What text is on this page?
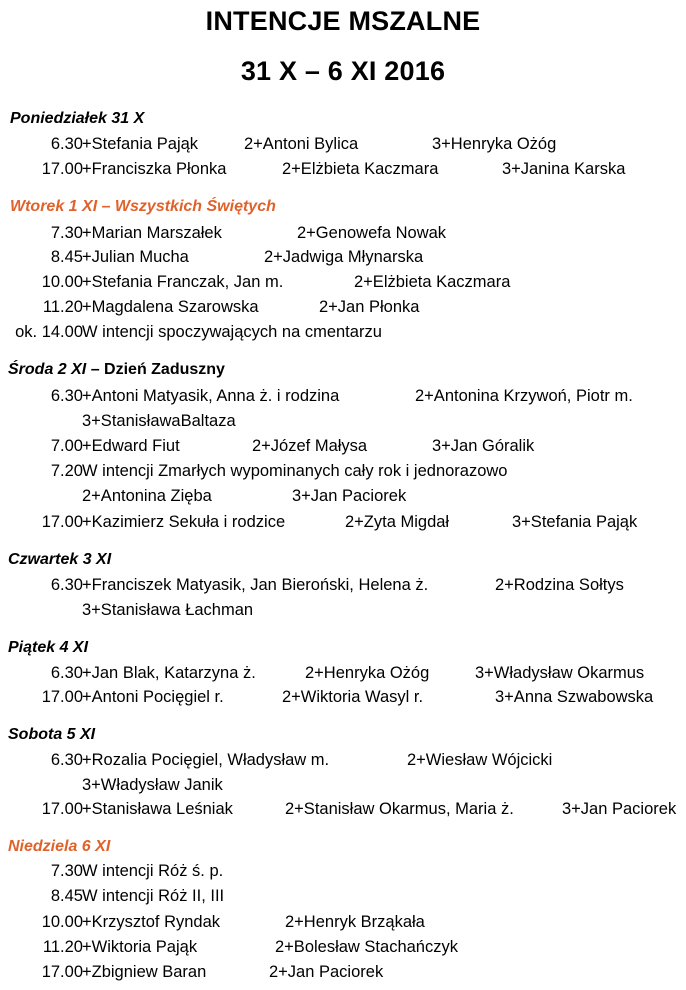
INTENCJE MSZALNE
31 X – 6 XI 2016
Poniedziałek 31 X
6.30 +Stefania Pająk	2+Antoni Bylica	3+Henryka Ożóg
17.00 +Franciszka Płonka	2+Elżbieta Kaczmara	3+Janina Karska
Wtorek 1 XI – Wszystkich Świętych
7.30 +Marian Marszałek	2+Genowefa Nowak
8.45 +Julian Mucha	2+Jadwiga Młynarska
10.00 +Stefania Franczak, Jan m.	2+Elżbieta Kaczmara
11.20 +Magdalena Szarowska	2+Jan Płonka
ok. 14.00 W intencji spoczywających na cmentarzu
Środa 2 XI – Dzień Zaduszny
6.30 +Antoni Matyasik, Anna ż. i rodzina	2+Antonina Krzywoń, Piotr m.
3+StanisławaBaltaza
7.00 +Edward Fiut	2+Józef Małysa	3+Jan Góralik
7.20 W intencji Zmarłych wypominanych cały rok i jednorazowo
2+Antonina Zięba	3+Jan Paciorek
17.00 +Kazimierz Sekuła i rodzice	2+Zyta Migdał	3+Stefania Pająk
Czwartek 3 XI
6.30 +Franciszek Matyasik, Jan Bieroński, Helena ż.	2+Rodzina Sołtys
3+Stanisława Łachman
Piątek 4 XI
6.30 +Jan Blak, Katarzyna ż.	2+Henryka Ożóg	3+Władysław Okarmus
17.00 +Antoni Pocięgiel r.	2+Wiktoria Wasyl r.	3+Anna Szwabowska
Sobota 5 XI
6.30 +Rozalia Pocięgiel, Władysław m.	2+Wiesław Wójcicki
3+Władysław Janik
17.00 +Stanisława Leśniak	2+Stanisław Okarmus, Maria ż.	3+Jan Paciorek
Niedziela 6 XI
7.30 W intencji Róż ś. p.
8.45 W intencji Róż II, III
10.00 +Krzysztof Ryndak	2+Henryk Brząkała
11.20 +Wiktoria Pająk	2+Bolesław Stachańczyk
17.00 +Zbigniew Baran	2+Jan Paciorek
